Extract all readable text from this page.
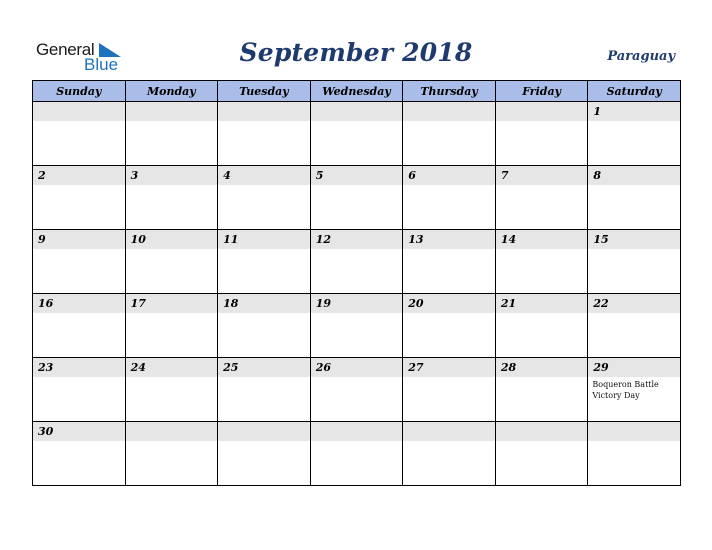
General
Blue	September 2018	Paraguay
Sunday	Monday	Tuesday	Wednesday	Thursday	Friday	Saturday

						1

2	3	4	5	6	7	8

9	10	11	12	13	14	15

16	17	18	19	20	21	22

23	24	25	26	27	28	29
Boqueron Battle Victory Day

30						
